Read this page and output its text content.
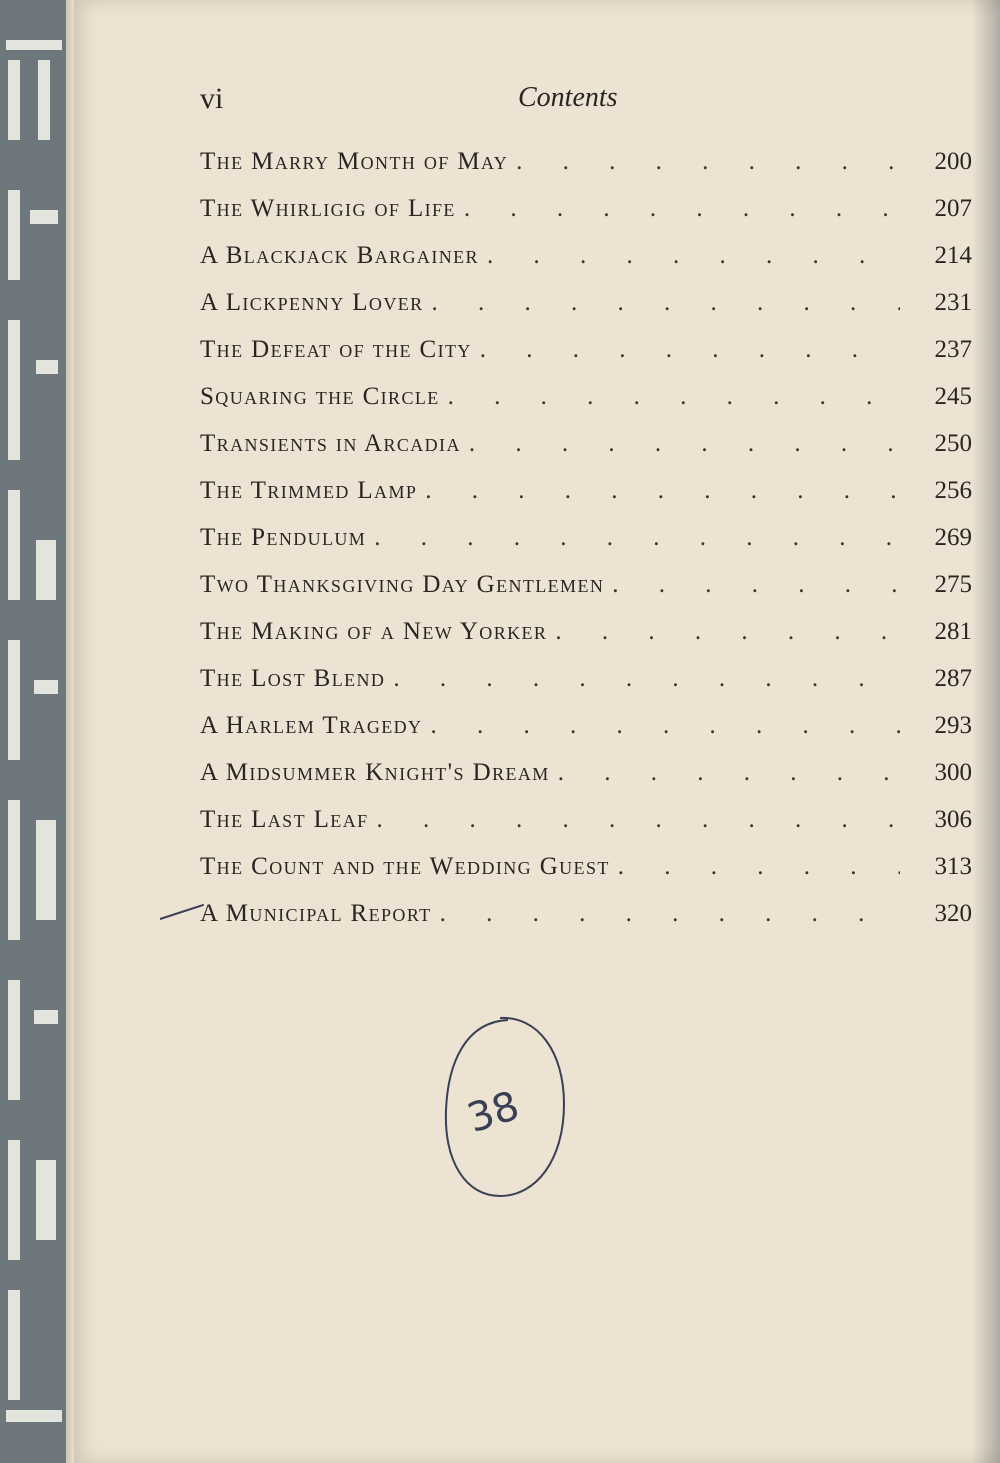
vi	Contents
The Marry Month of May . . .	200
The Whirligig of Life . . .	207
A Blackjack Bargainer . . .	214
A Lickpenny Lover . . .	231
The Defeat of the City . . .	237
Squaring the Circle . . .	245
Transients in Arcadia . . .	250
The Trimmed Lamp . . .	256
The Pendulum . . .	269
Two Thanksgiving Day Gentlemen . . .	275
The Making of a New Yorker . . .	281
The Lost Blend . . .	287
A Harlem Tragedy . . .	293
A Midsummer Knight's Dream . . .	300
The Last Leaf . . .	306
The Count and the Wedding Guest . . .	313
A Municipal Report . . .	320
38
